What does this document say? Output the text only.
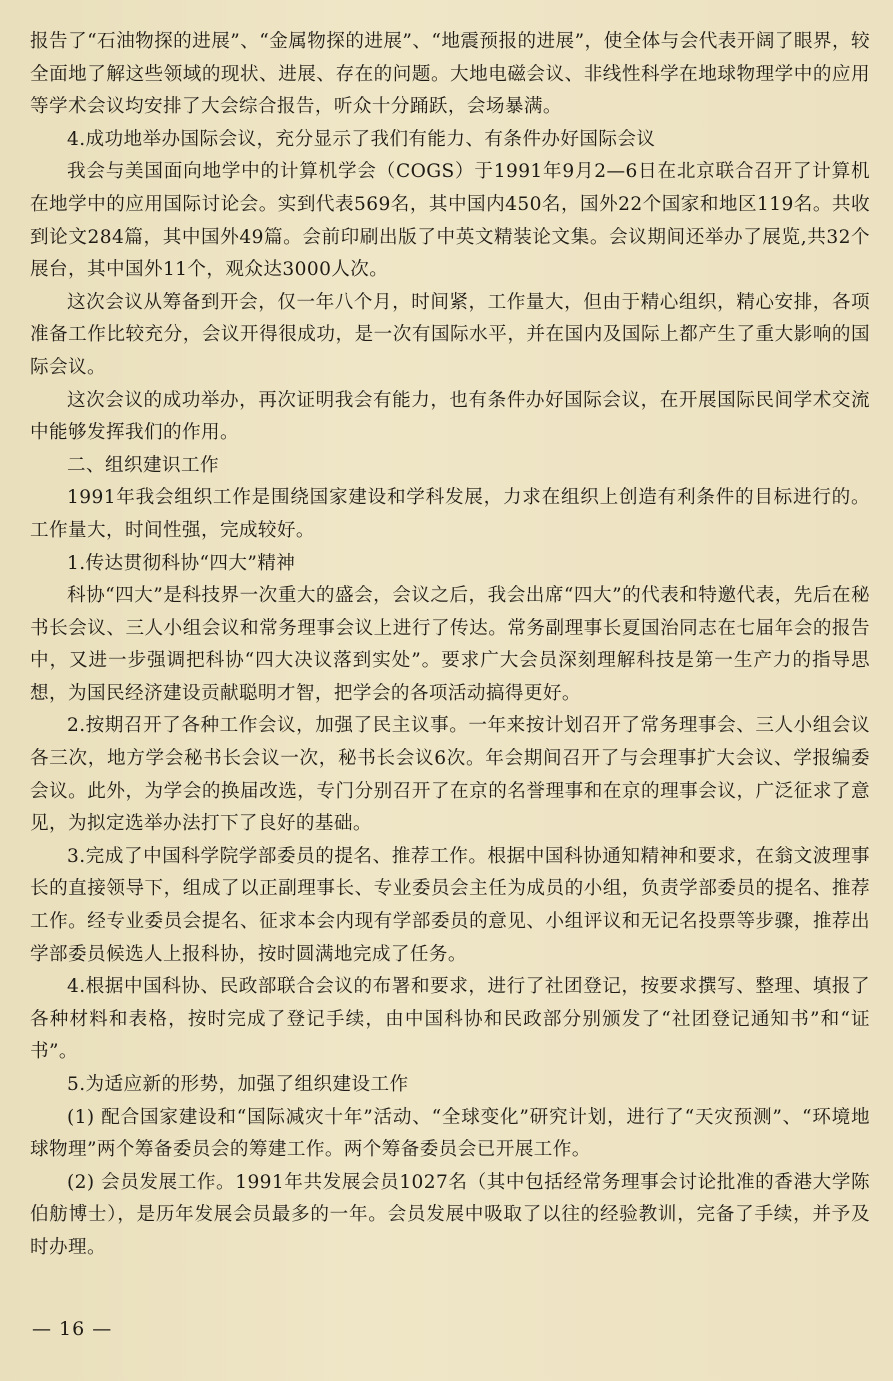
报告了“石油物探的进展”、“金属物探的进展”、“地震预报的进展”，使全体与会代表开阔了眼界，较全面地了解这些领域的现状、进展、存在的问题。大地电磁会议、非线性科学在地球物理学中的应用等学术会议均安排了大会综合报告，听众十分踊跃，会场暴满。

4.成功地举办国际会议，充分显示了我们有能力、有条件办好国际会议

我会与美国面向地学中的计算机学会（COGS）于1991年9月2—6日在北京联合召开了计算机在地学中的应用国际讨论会。实到代表569名，其中国内450名，国外22个国家和地区119名。共收到论文284篇，其中国外49篇。会前印刷出版了中英文精装论文集。会议期间还举办了展览,共32个展台，其中国外11个，观众达3000人次。

这次会议从筹备到开会，仅一年八个月，时间紧，工作量大，但由于精心组织，精心安排，各项准备工作比较充分，会议开得很成功，是一次有国际水平，并在国内及国际上都产生了重大影响的国际会议。

这次会议的成功举办，再次证明我会有能力，也有条件办好国际会议，在开展国际民间学术交流中能够发挥我们的作用。

二、组织建识工作

1991年我会组织工作是围绕国家建设和学科发展，力求在组织上创造有利条件的目标进行的。工作量大，时间性强，完成较好。

1.传达贯彻科协“四大”精神

科协“四大”是科技界一次重大的盛会，会议之后，我会出席“四大”的代表和特邀代表，先后在秘书长会议、三人小组会议和常务理事会议上进行了传达。常务副理事长夏国治同志在七届年会的报告中，又进一步强调把科协“四大决议落到实处”。要求广大会员深刻理解科技是第一生产力的指导思想，为国民经济建设贡献聪明才智，把学会的各项活动搞得更好。

2.按期召开了各种工作会议，加强了民主议事。一年来按计划召开了常务理事会、三人小组会议各三次，地方学会秘书长会议一次，秘书长会议6次。年会期间召开了与会理事扩大会议、学报编委会议。此外，为学会的换届改选，专门分别召开了在京的名誉理事和在京的理事会议，广泛征求了意见，为拟定选举办法打下了良好的基础。

3.完成了中国科学院学部委员的提名、推荐工作。根据中国科协通知精神和要求，在翁文波理事长的直接领导下，组成了以正副理事长、专业委员会主任为成员的小组，负责学部委员的提名、推荐工作。经专业委员会提名、征求本会内现有学部委员的意见、小组评议和无记名投票等步骤，推荐出学部委员候选人上报科协，按时圆满地完成了任务。

4.根据中国科协、民政部联合会议的布署和要求，进行了社团登记，按要求撰写、整理、填报了各种材料和表格，按时完成了登记手续，由中国科协和民政部分别颁发了“社团登记通知书”和“证书”。

5.为适应新的形势，加强了组织建设工作

(1) 配合国家建设和“国际减灾十年”活动、“全球变化”研究计划，进行了“天灾预测”、“环境地球物理”两个筹备委员会的筹建工作。两个筹备委员会已开展工作。

(2) 会员发展工作。1991年共发展会员1027名（其中包括经常务理事会讨论批准的香港大学陈伯舫博士），是历年发展会员最多的一年。会员发展中吸取了以往的经验教训，完备了手续，并予及时办理。

— 16 —
